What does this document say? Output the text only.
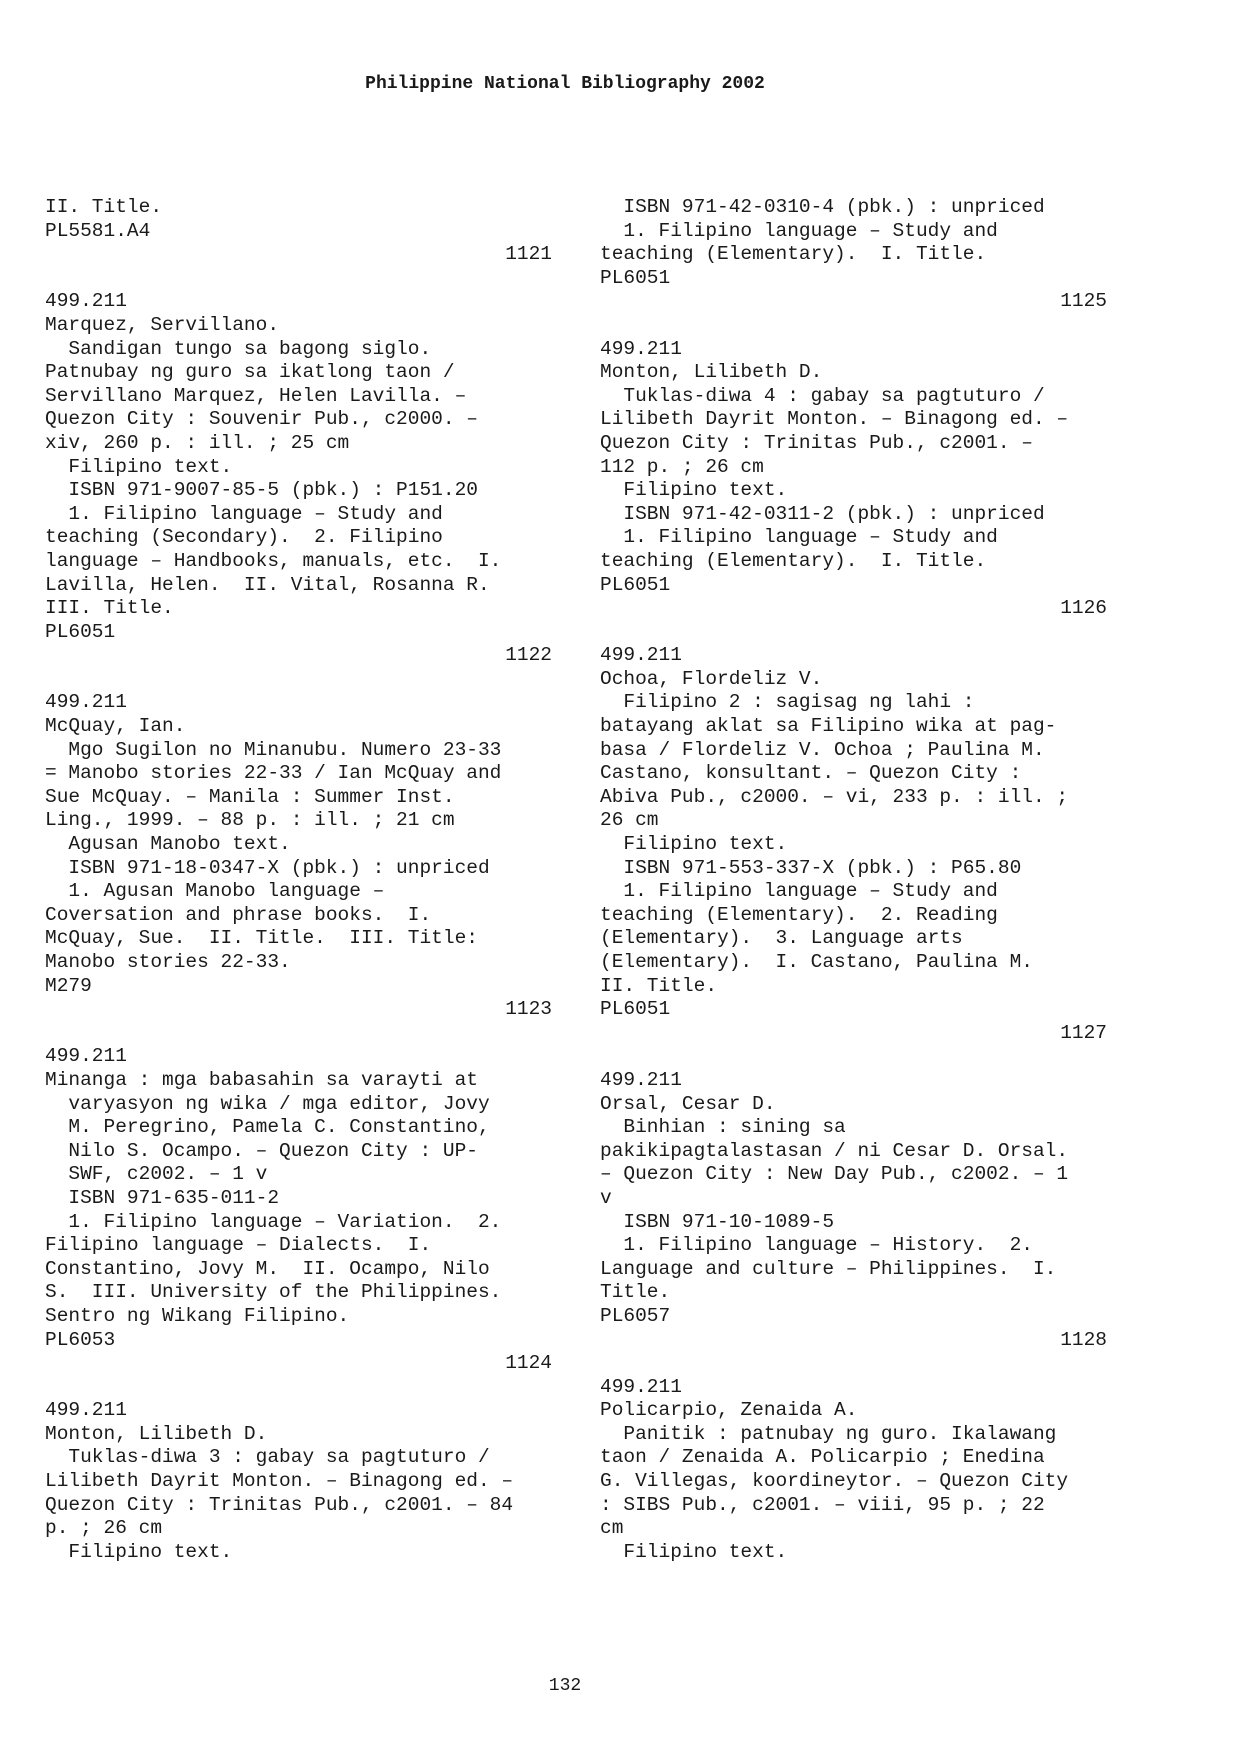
Philippine National Bibliography 2002
II. Title.
PL5581.A4
1121
499.211
Marquez, Servillano.
Sandigan tungo sa bagong siglo.
Patnubay ng guro sa ikatlong taon /
Servillano Marquez, Helen Lavilla. –
Quezon City : Souvenir Pub., c2000. –
xiv, 260 p. : ill. ; 25 cm
Filipino text.
ISBN 971-9007-85-5 (pbk.) : P151.20
1. Filipino language – Study and
teaching (Secondary).  2. Filipino
language – Handbooks, manuals, etc.  I.
Lavilla, Helen.  II. Vital, Rosanna R.
III. Title.
PL6051
1122
499.211
McQuay, Ian.
Mgo Sugilon no Minanubu. Numero 23-33
= Manobo stories 22-33 / Ian McQuay and
Sue McQuay. – Manila : Summer Inst.
Ling., 1999. – 88 p. : ill. ; 21 cm
Agusan Manobo text.
ISBN 971-18-0347-X (pbk.) : unpriced
1. Agusan Manobo language –
Coversation and phrase books.  I.
McQuay, Sue.  II. Title.  III. Title:
Manobo stories 22-33.
M279
1123
499.211
Minanga : mga babasahin sa varayti at
varyasyon ng wika / mga editor, Jovy
M. Peregrino, Pamela C. Constantino,
Nilo S. Ocampo. – Quezon City : UP-
SWF, c2002. – 1 v
ISBN 971-635-011-2
1. Filipino language – Variation.  2.
Filipino language – Dialects.  I.
Constantino, Jovy M.  II. Ocampo, Nilo
S.  III. University of the Philippines.
Sentro ng Wikang Filipino.
PL6053
1124
499.211
Monton, Lilibeth D.
Tuklas-diwa 3 : gabay sa pagtuturo /
Lilibeth Dayrit Monton. – Binagong ed. –
Quezon City : Trinitas Pub., c2001. – 84
p. ; 26 cm
Filipino text.
ISBN 971-42-0310-4 (pbk.) : unpriced
1. Filipino language – Study and
teaching (Elementary).  I. Title.
PL6051
1125
499.211
Monton, Lilibeth D.
Tuklas-diwa 4 : gabay sa pagtuturo /
Lilibeth Dayrit Monton. – Binagong ed. –
Quezon City : Trinitas Pub., c2001. –
112 p. ; 26 cm
Filipino text.
ISBN 971-42-0311-2 (pbk.) : unpriced
1. Filipino language – Study and
teaching (Elementary).  I. Title.
PL6051
1126
499.211
Ochoa, Flordeliz V.
Filipino 2 : sagisag ng lahi :
batayang aklat sa Filipino wika at pag-
basa / Flordeliz V. Ochoa ; Paulina M.
Castano, konsultant. – Quezon City :
Abiva Pub., c2000. – vi, 233 p. : ill. ;
26 cm
Filipino text.
ISBN 971-553-337-X (pbk.) : P65.80
1. Filipino language – Study and
teaching (Elementary).  2. Reading
(Elementary).  3. Language arts
(Elementary).  I. Castano, Paulina M.
II. Title.
PL6051
1127
499.211
Orsal, Cesar D.
Binhian : sining sa
pakikipagtalastasan / ni Cesar D. Orsal.
– Quezon City : New Day Pub., c2002. – 1
v
ISBN 971-10-1089-5
1. Filipino language – History.  2.
Language and culture – Philippines.  I.
Title.
PL6057
1128
499.211
Policarpio, Zenaida A.
Panitik : patnubay ng guro. Ikalawang
taon / Zenaida A. Policarpio ; Enedina
G. Villegas, koordineytor. – Quezon City
: SIBS Pub., c2001. – viii, 95 p. ; 22
cm
Filipino text.
132
